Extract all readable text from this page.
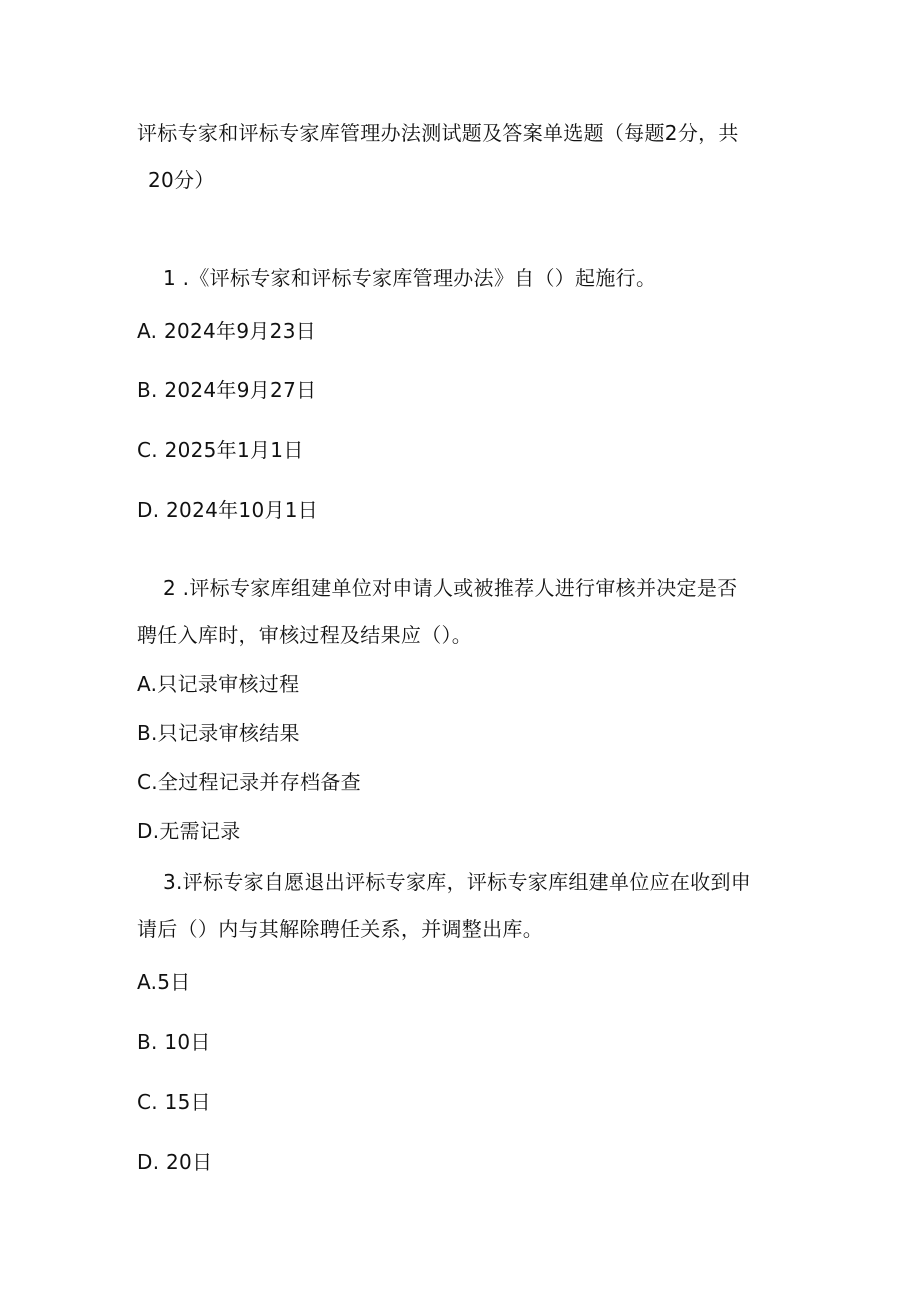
评标专家和评标专家库管理办法测试题及答案单选题（每题2分，共
20分）
1 .《评标专家和评标专家库管理办法》自（）起施行。
A. 2024年9月23日
B. 2024年9月27日
C. 2025年1月1日
D. 2024年10月1日
2 .评标专家库组建单位对申请人或被推荐人进行审核并决定是否
聘任入库时，审核过程及结果应（）。
A.只记录审核过程
B.只记录审核结果
C.全过程记录并存档备查
D.无需记录
3.评标专家自愿退出评标专家库，评标专家库组建单位应在收到申
请后（）内与其解除聘任关系，并调整出库。
A.5日
B. 10日
C. 15日
D. 20日
